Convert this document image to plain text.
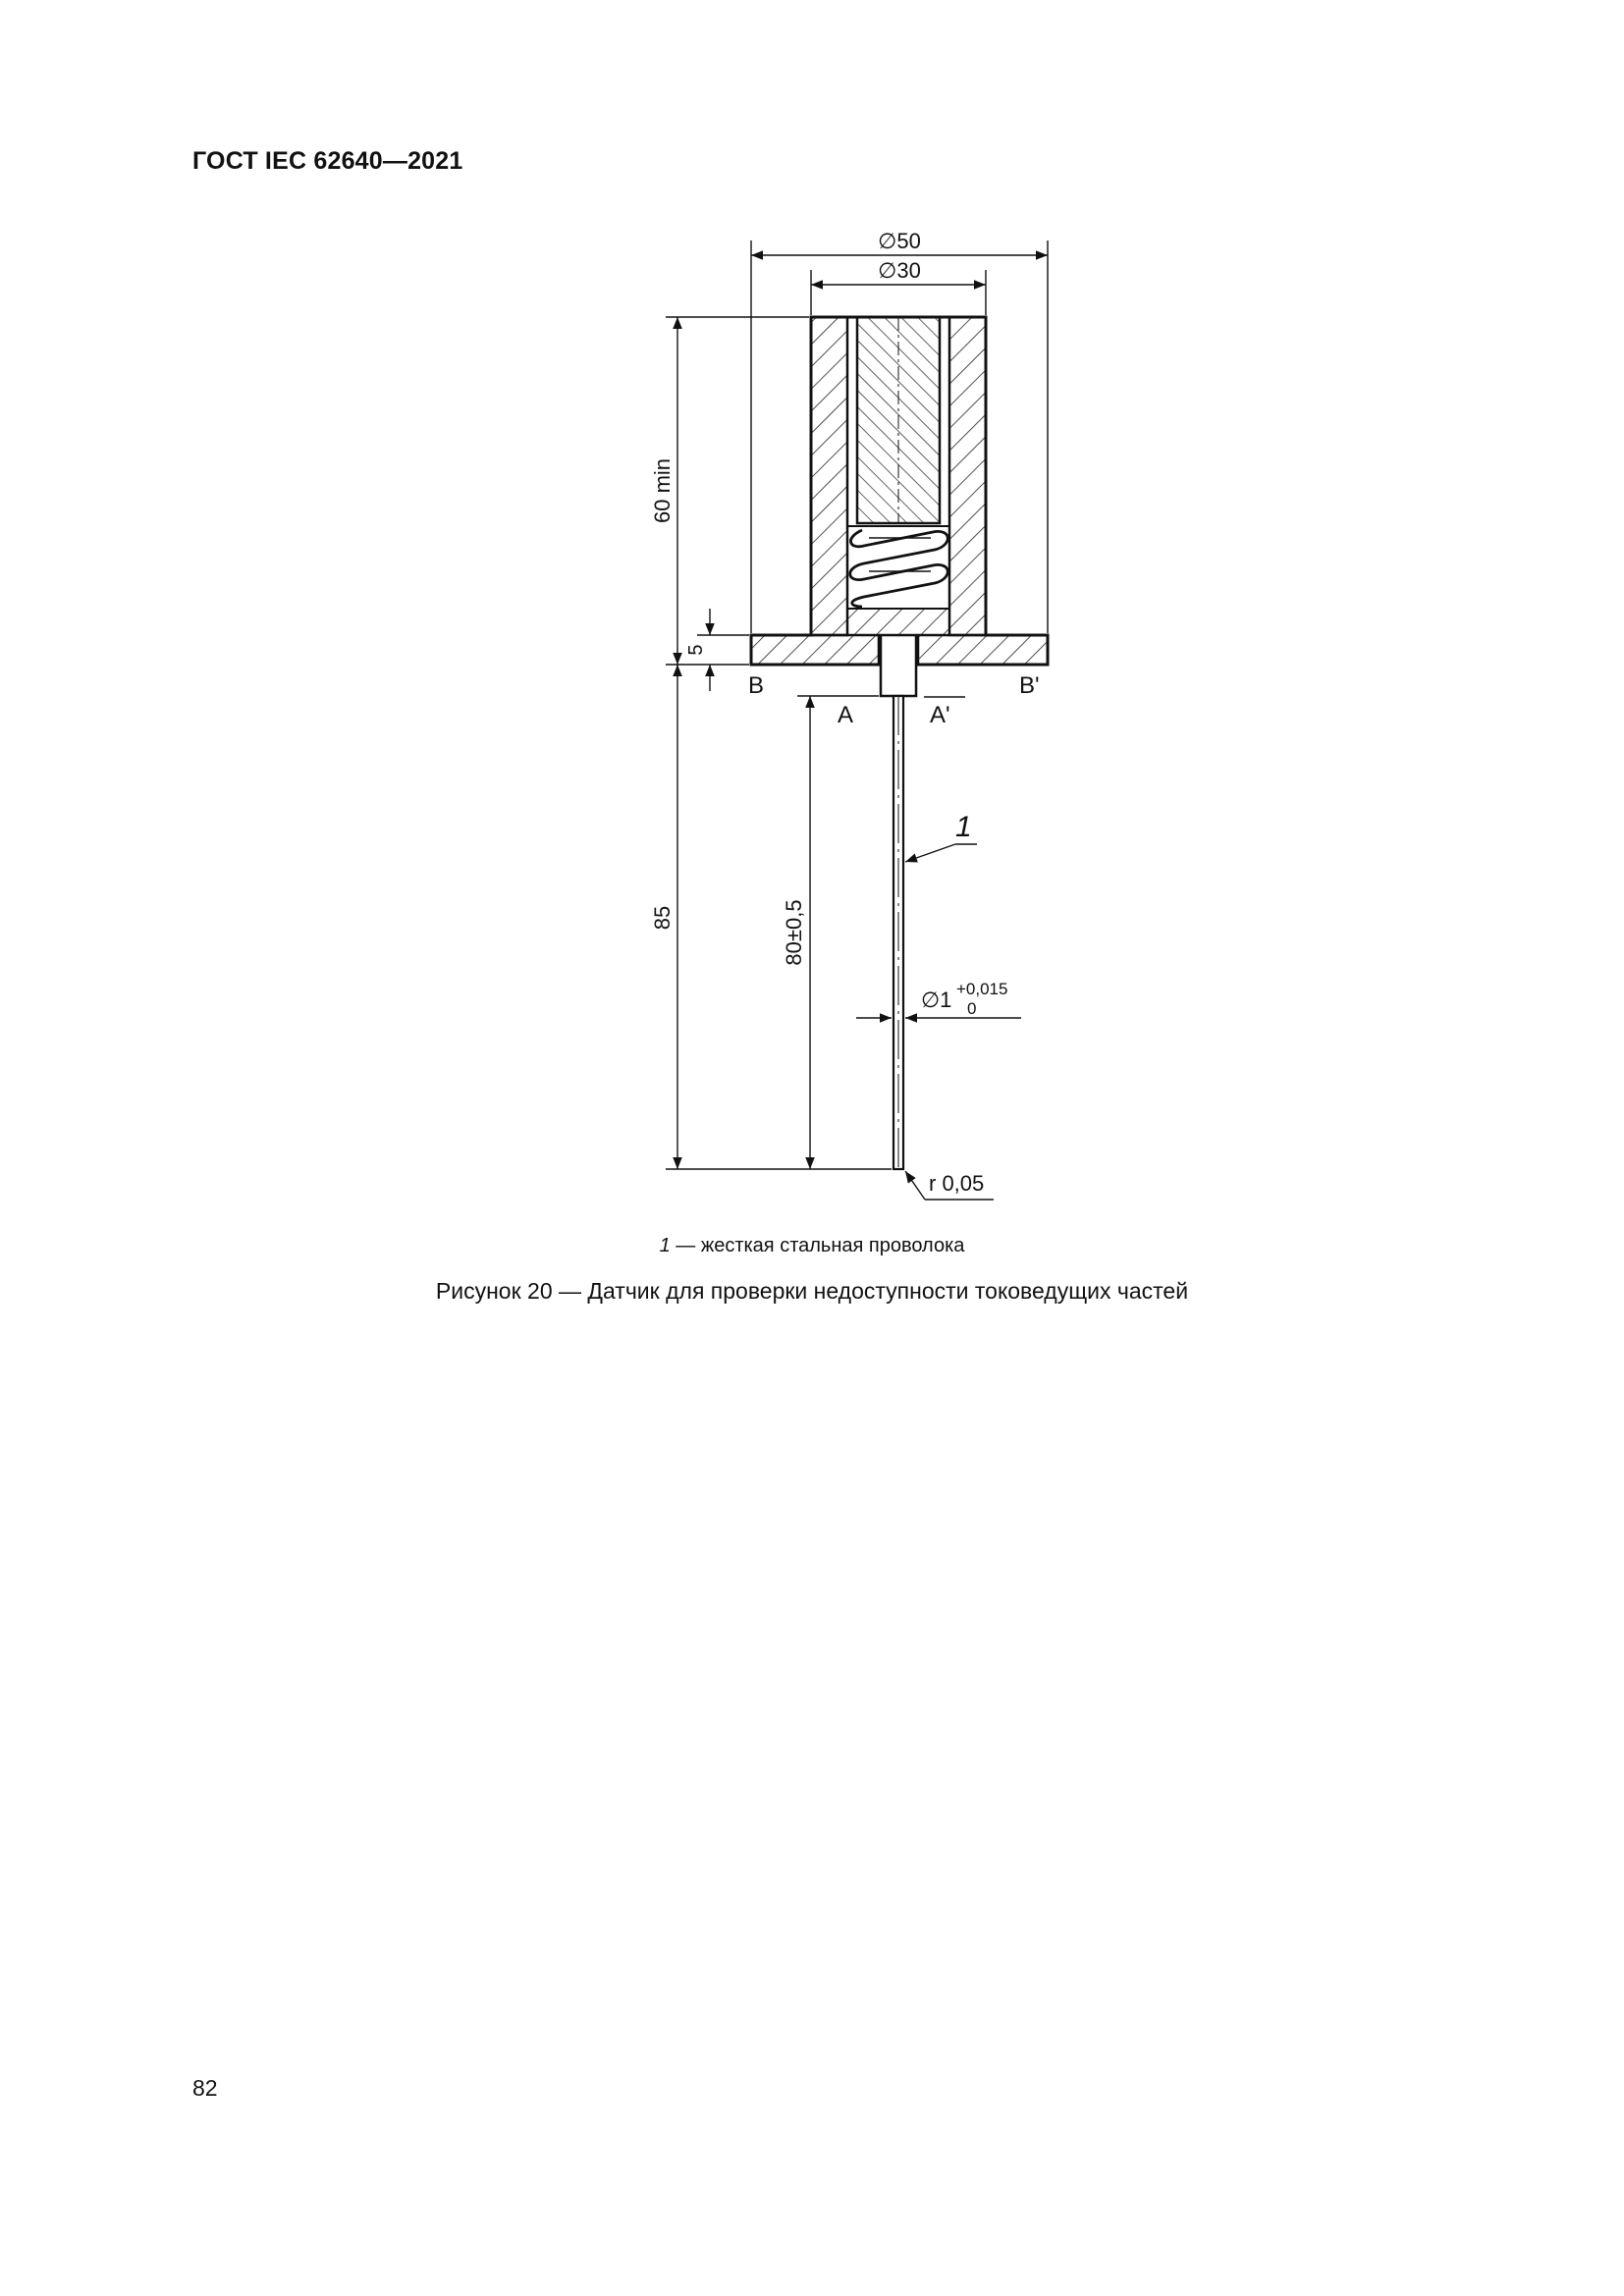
ГОСТ IEC 62640—2021
∅50
∅30
60 min
5
85	80±0,5
B	B'
A	A'
1
∅1 +0,015
0
r 0,05
1 — жесткая стальная проволока
Рисунок 20 — Датчик для проверки недоступности токоведущих частей
82
